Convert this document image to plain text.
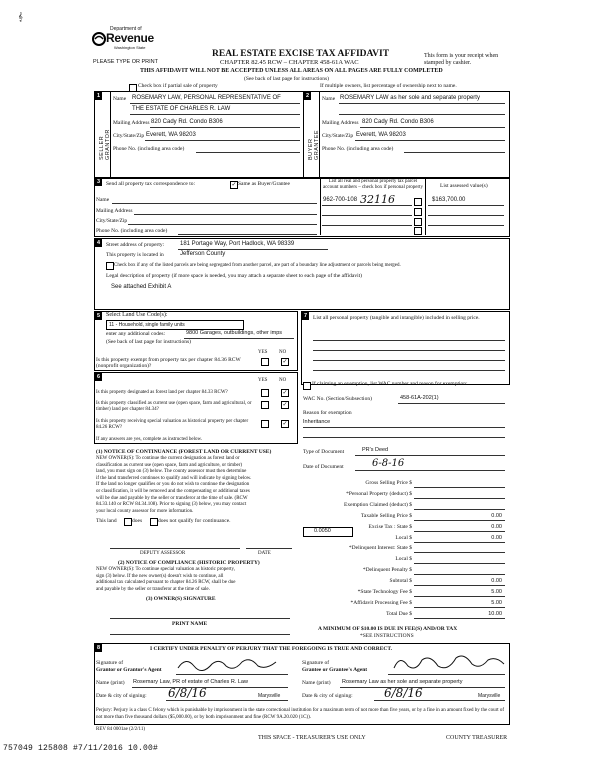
𝄞
Department of
Revenue
Washington State
PLEASE TYPE OR PRINT
REAL ESTATE EXCISE TAX AFFIDAVIT
CHAPTER 82.45 RCW – CHAPTER 458-61A WAC
This form is your receipt when stamped by cashier.
THIS AFFIDAVIT WILL NOT BE ACCEPTED UNLESS ALL AREAS ON ALL PAGES ARE FULLY COMPLETED
(See back of last page for instructions)
Check box if partial sale of property	If multiple owners, list percentage of ownership next to name.
1
SELLER GRANTOR
Name ROSEMARY LAW, PERSONAL REPRESENTATIVE OF
THE ESTATE OF CHARLES R. LAW
Mailing Address 820 Cady Rd. Condo B306
City/State/Zip Everett, WA 98203
Phone No. (including area code)
2
BUYER GRANTEE
Name ROSEMARY LAW as her sole and separate property
Mailing Address 820 Cady Rd. Condo B306
City/State/Zip Everett, WA 98203
Phone No. (including area code)
3	Send all property tax correspondence to:	✓ Same as Buyer/Grantee
Name
Mailing Address
City/State/Zip
Phone No. (including area code)
List all real and personal property tax parcel account numbers – check box if personal property	List assessed value(s)
962-700-108 32116	$163,700.00
4	Street address of property:	181 Portage Way, Port Hadlock, WA 98339
This property is located in	Jefferson County
Check box if any of the listed parcels are being segregated from another parcel, are part of a boundary line adjustment or parcels being merged.
Legal description of property (if more space is needed, you may attach a separate sheet to each page of the affidavit)
See attached Exhibit A
5 Select Land Use Code(s):
11 - Household, single family units
enter any additional codes:	9800 Garages, outbuildings, other imps
(See back of last page for instructions)
YES NO
Is this property exempt from property tax per chapter 84.36 RCW (nonprofit organization)?
✓
6
YES NO
Is this property designated as forest land per chapter 84.33 RCW?	✓
Is this property classified as current use (open space, farm and agricultural, or timber) land per chapter 84.34?
✓
Is this property receiving special valuation as historical property per chapter 84.26 RCW?
✓
If any answers are yes, complete as instructed below.
(1) NOTICE OF CONTINUANCE (FOREST LAND OR CURRENT USE)
NEW OWNER(S): To continue the current designation as forest land or
classification as current use (open space, farm and agriculture, or timber)
land, you must sign on (3) below. The county assessor must then determine
if the land transferred continues to qualify and will indicate by signing below.
If the land no longer qualifies or you do not wish to continue the designation
or classification, it will be removed and the compensating or additional taxes
will be due and payable by the seller or transferor at the time of sale. (RCW
84.33.140 or RCW 84.34.108). Prior to signing (3) below, you may contact
your local county assessor for more information.
This land	does	does not qualify for continuance.
DEPUTY ASSESSOR	DATE
(2) NOTICE OF COMPLIANCE (HISTORIC PROPERTY)
NEW OWNER(S): To continue special valuation as historic property,
sign (3) below. If the new owner(s) doesn't wish to continue, all
additional tax calculated pursuant to chapter 84.26 RCW, shall be due
and payable by the seller or transferor at the time of sale.
(3) OWNER(S) SIGNATURE
PRINT NAME
7	List all personal property (tangible and intangible) included in selling price.
If claiming an exemption, list WAC number and reason for exemption:
WAC No. (Section/Subsection)	458-61A-202(1)
Reason for exemption
Inheritance
Type of Document	PR's Deed
Date of Document	6-8-16
Gross Selling Price $
*Personal Property (deduct) $
Exemption Claimed (deduct) $
Taxable Selling Price $	0.00
Excise Tax : State $	0.00
Local $	0.00
*Delinquent Interest: State $
Local $
*Delinquent Penalty $
Subtotal $	0.00
*State Technology Fee $	5.00
*Affidavit Processing Fee $	5.00
Total Due $	10.00
0.0050
A MINIMUM OF $10.00 IS DUE IN FEE(S) AND/OR TAX
*SEE INSTRUCTIONS
8	I CERTIFY UNDER PENALTY OF PERJURY THAT THE FOREGOING IS TRUE AND CORRECT.
Signature of
Grantor or Grantor's Agent
Name (print) Rosemary Law, PR of estate of Charles R. Law
Date & city of signing: 6/8/16	Marysville
Signature of
Grantee or Grantee's Agent
Name (print) Rosemary Law as her sole and separate property
Date & city of signing:	6/8/16	Marysville
Perjury: Perjury is a class C felony which is punishable by imprisonment in the state correctional institution for a maximum term of not more than five years, or by a fine in an amount fixed by the court of not more than five thousand dollars ($5,000.00), or by both imprisonment and fine (RCW 9A.20.020 (1C)).
REV 84 0001ae (2/2/11)
THIS SPACE - TREASURER'S USE ONLY	COUNTY TREASURER
757049 125808 #7/11/2016 10.00#
